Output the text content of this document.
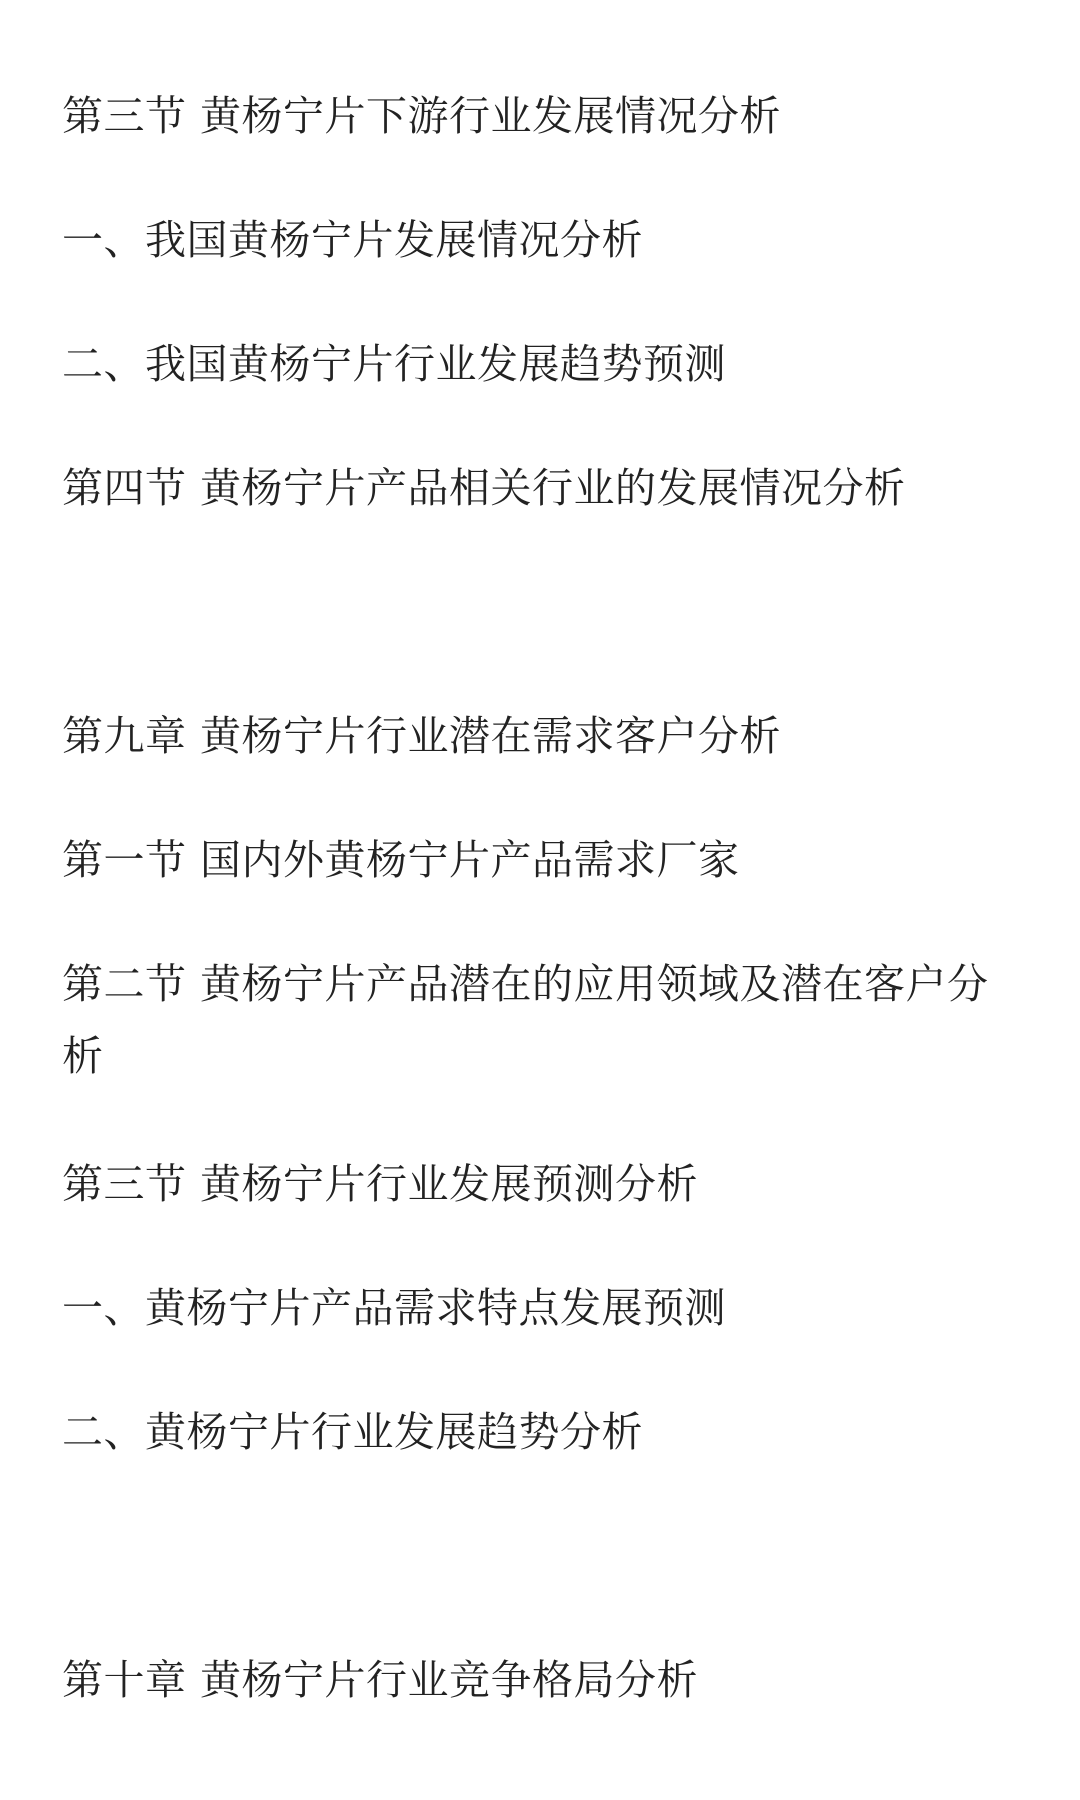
第三节 黄杨宁片下游行业发展情况分析
一、我国黄杨宁片发展情况分析
二、我国黄杨宁片行业发展趋势预测
第四节 黄杨宁片产品相关行业的发展情况分析
第九章 黄杨宁片行业潜在需求客户分析
第一节 国内外黄杨宁片产品需求厂家
第二节 黄杨宁片产品潜在的应用领域及潜在客户分析
第三节 黄杨宁片行业发展预测分析
一、黄杨宁片产品需求特点发展预测
二、黄杨宁片行业发展趋势分析
第十章 黄杨宁片行业竞争格局分析
